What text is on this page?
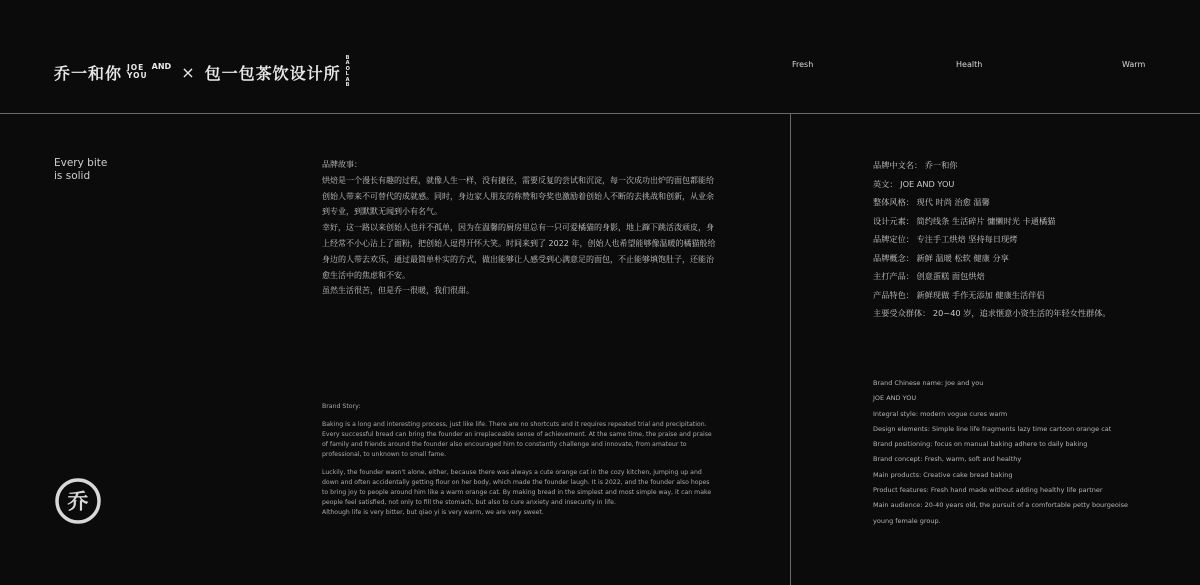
乔一和你 JOE
YOU
AND × 包一包茶饮设计所
B
A
O
L
A
B
Fresh	Health	Warm
Every bite
is solid
乔

品牌故事：

烘焙是一个漫长有趣的过程，就像人生一样，没有捷径，需要反复的尝试和沉淀，每一次成功出炉的面包都能给创始人带来不可替代的成就感。同时，身边家人朋友的称赞和夸奖也激励着创始人不断的去挑战和创新，从业余到专业，到默默无闻到小有名气。

幸好，这一路以来创始人也并不孤单，因为在温馨的厨房里总有一只可爱橘猫的身影，地上蹿下跳活泼顽皮，身上经常不小心沾上了面粉，把创始人逗得开怀大笑。时间来到了 2022 年，创始人也希望能够像温暖的橘猫般给身边的人带去欢乐，通过最简单朴实的方式，做出能够让人感受到心满意足的面包，不止能够填饱肚子，还能治愈生活中的焦虑和不安。

虽然生活很苦，但是乔一很暖，我们很甜。

Brand Story:

Baking is a long and interesting process, just like life. There are no shortcuts and it requires repeated trial and precipitation. Every successful bread can bring the founder an irreplaceable sense of achievement. At the same time, the praise and praise of family and friends around the founder also encouraged him to constantly challenge and innovate, from amateur to professional, to unknown to small fame.

Luckily, the founder wasn't alone, either, because there was always a cute orange cat in the cozy kitchen, jumping up and down and often accidentally getting flour on her body, which made the founder laugh. It is 2022, and the founder also hopes to bring joy to people around him like a warm orange cat. By making bread in the simplest and most simple way, it can make people feel satisfied, not only to fill the stomach, but also to cure anxiety and insecurity in life.

Although life is very bitter, but qiao yi is very warm, we are very sweet.

品牌中文名： 乔一和你
英文： JOE AND YOU
整体风格： 现代 时尚 治愈 温馨
设计元素： 简约线条 生活碎片 慵懒时光 卡通橘猫
品牌定位： 专注手工烘焙 坚持每日现烤
品牌概念： 新鲜 温暖 松软 健康 分享
主打产品： 创意蛋糕 面包烘焙
产品特色： 新鲜现做 手作无添加 健康生活伴侣
主要受众群体： 20~40 岁，追求惬意小资生活的年轻女性群体。
Brand Chinese name: Joe and you
JOE AND YOU
Integral style: modern vogue cures warm
Design elements: Simple line life fragments lazy time cartoon orange cat
Brand positioning: focus on manual baking adhere to daily baking
Brand concept: Fresh, warm, soft and healthy
Main products: Creative cake bread baking
Product features: Fresh hand made without adding healthy life partner
Main audience: 20-40 years old, the pursuit of a comfortable petty bourgeoise young female group.
